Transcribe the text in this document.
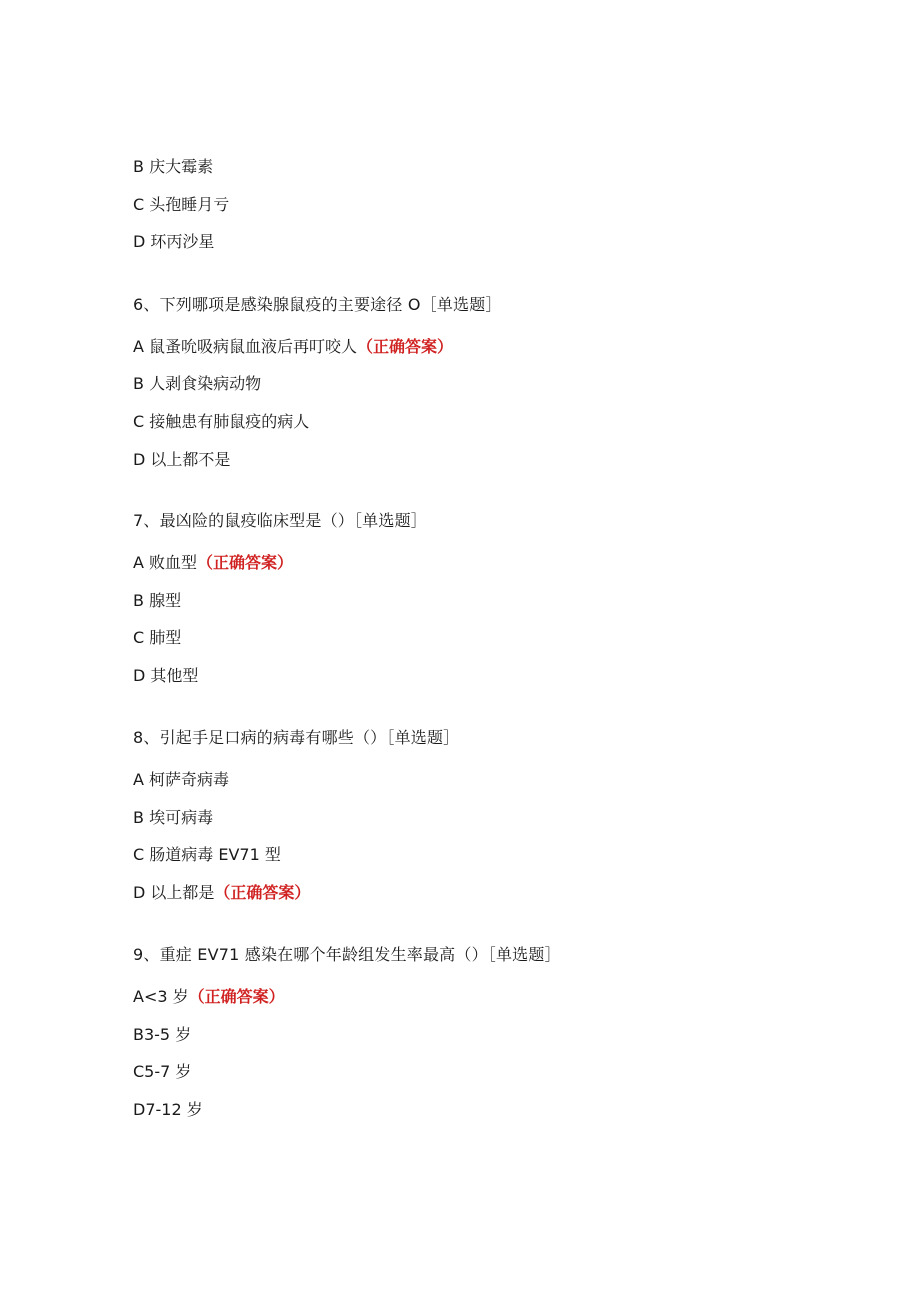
B 庆大霉素
C 头孢睡月亏
D 环丙沙星
6、下列哪项是感染腺鼠疫的主要途径 O［单选题］
A 鼠蚤吮吸病鼠血液后再叮咬人（正确答案）
B 人剥食染病动物
C 接触患有肺鼠疫的病人
D 以上都不是
7、最凶险的鼠疫临床型是（）［单选题］
A 败血型（正确答案）
B 腺型
C 肺型
D 其他型
8、引起手足口病的病毒有哪些（）［单选题］
A 柯萨奇病毒
B 埃可病毒
C 肠道病毒 EV71 型
D 以上都是（正确答案）
9、重症 EV71 感染在哪个年龄组发生率最高（）［单选题］
A<3 岁（正确答案）
B3-5 岁
C5-7 岁
D7-12 岁
